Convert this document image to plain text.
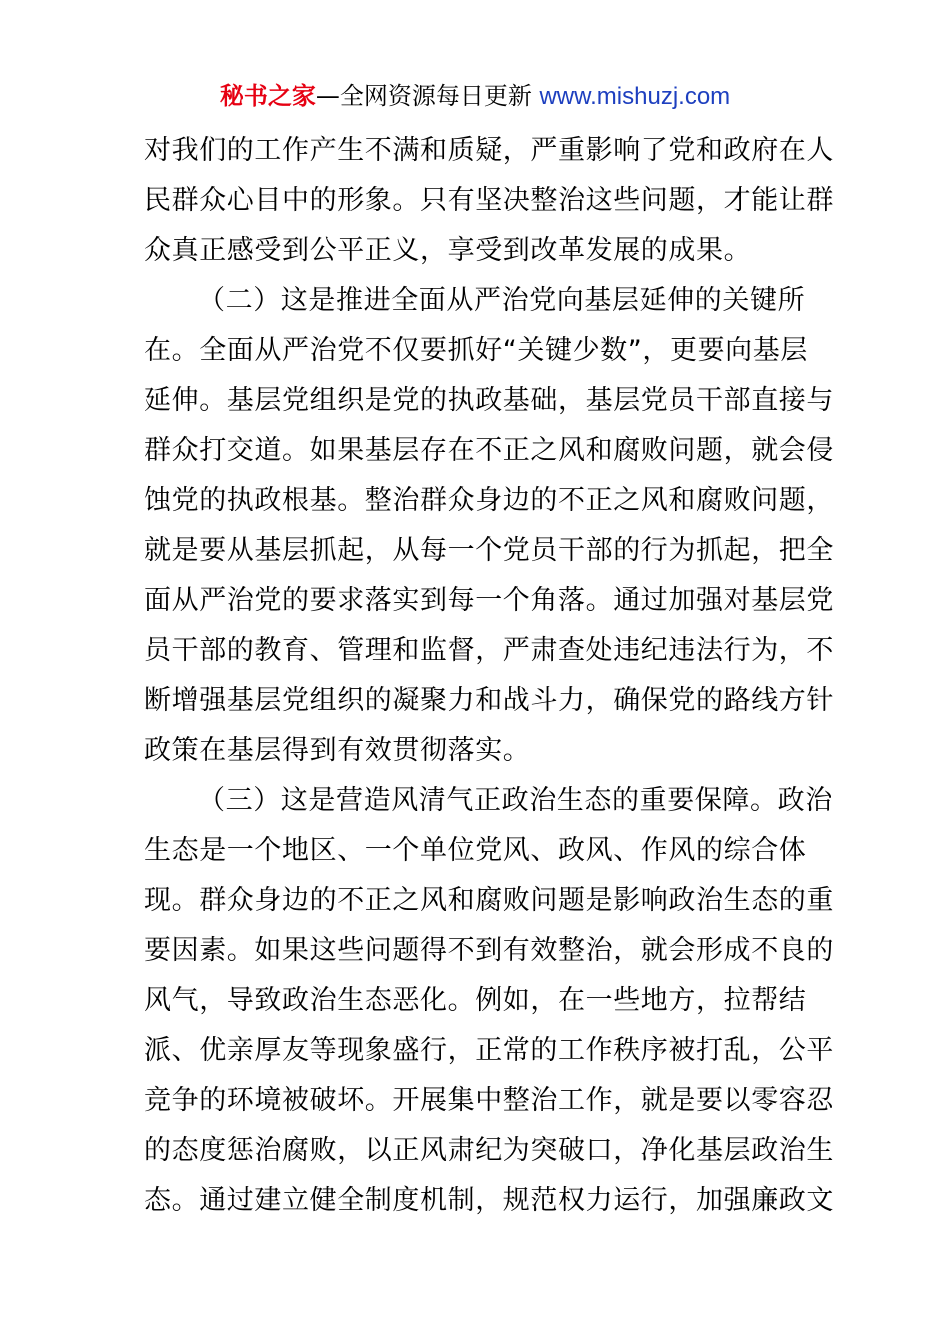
秘书之家—全网资源每日更新 www.mishuzj.com
对我们的工作产生不满和质疑，严重影响了党和政府在人
民群众心目中的形象。只有坚决整治这些问题，才能让群
众真正感受到公平正义，享受到改革发展的成果。
（二）这是推进全面从严治党向基层延伸的关键所
在。全面从严治党不仅要抓好“关键少数”，更要向基层
延伸。基层党组织是党的执政基础，基层党员干部直接与
群众打交道。如果基层存在不正之风和腐败问题，就会侵
蚀党的执政根基。整治群众身边的不正之风和腐败问题，
就是要从基层抓起，从每一个党员干部的行为抓起，把全
面从严治党的要求落实到每一个角落。通过加强对基层党
员干部的教育、管理和监督，严肃查处违纪违法行为，不
断增强基层党组织的凝聚力和战斗力，确保党的路线方针
政策在基层得到有效贯彻落实。
（三）这是营造风清气正政治生态的重要保障。政治
生态是一个地区、一个单位党风、政风、作风的综合体
现。群众身边的不正之风和腐败问题是影响政治生态的重
要因素。如果这些问题得不到有效整治，就会形成不良的
风气，导致政治生态恶化。例如，在一些地方，拉帮结
派、优亲厚友等现象盛行，正常的工作秩序被打乱，公平
竞争的环境被破坏。开展集中整治工作，就是要以零容忍
的态度惩治腐败，以正风肃纪为突破口，净化基层政治生
态。通过建立健全制度机制，规范权力运行，加强廉政文
